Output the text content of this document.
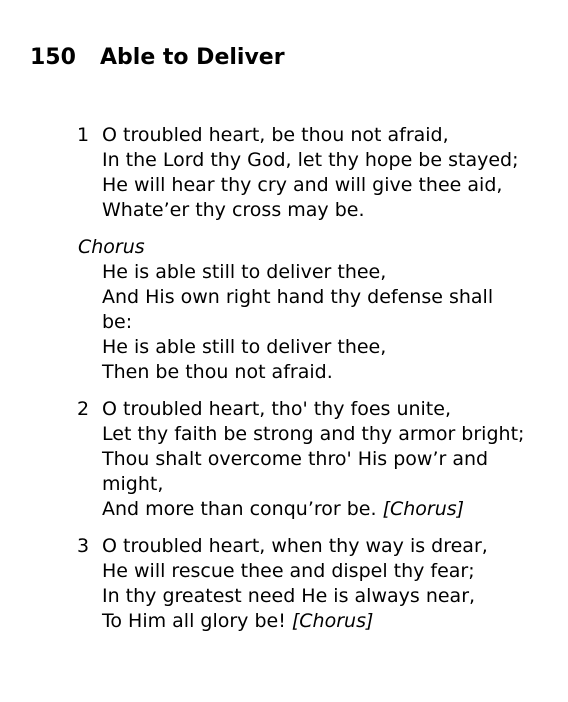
150 Able to Deliver
1 O troubled heart, be thou not afraid,
In the Lord thy God, let thy hope be stayed;
He will hear thy cry and will give thee aid,
Whate’er thy cross may be.
Chorus
He is able still to deliver thee,
And His own right hand thy defense shall
be:
He is able still to deliver thee,
Then be thou not afraid.
2 O troubled heart, tho' thy foes unite,
Let thy faith be strong and thy armor bright;
Thou shalt overcome thro' His pow’r and
might,
And more than conqu’ror be. [Chorus]
3 O troubled heart, when thy way is drear,
He will rescue thee and dispel thy fear;
In thy greatest need He is always near,
To Him all glory be! [Chorus]
